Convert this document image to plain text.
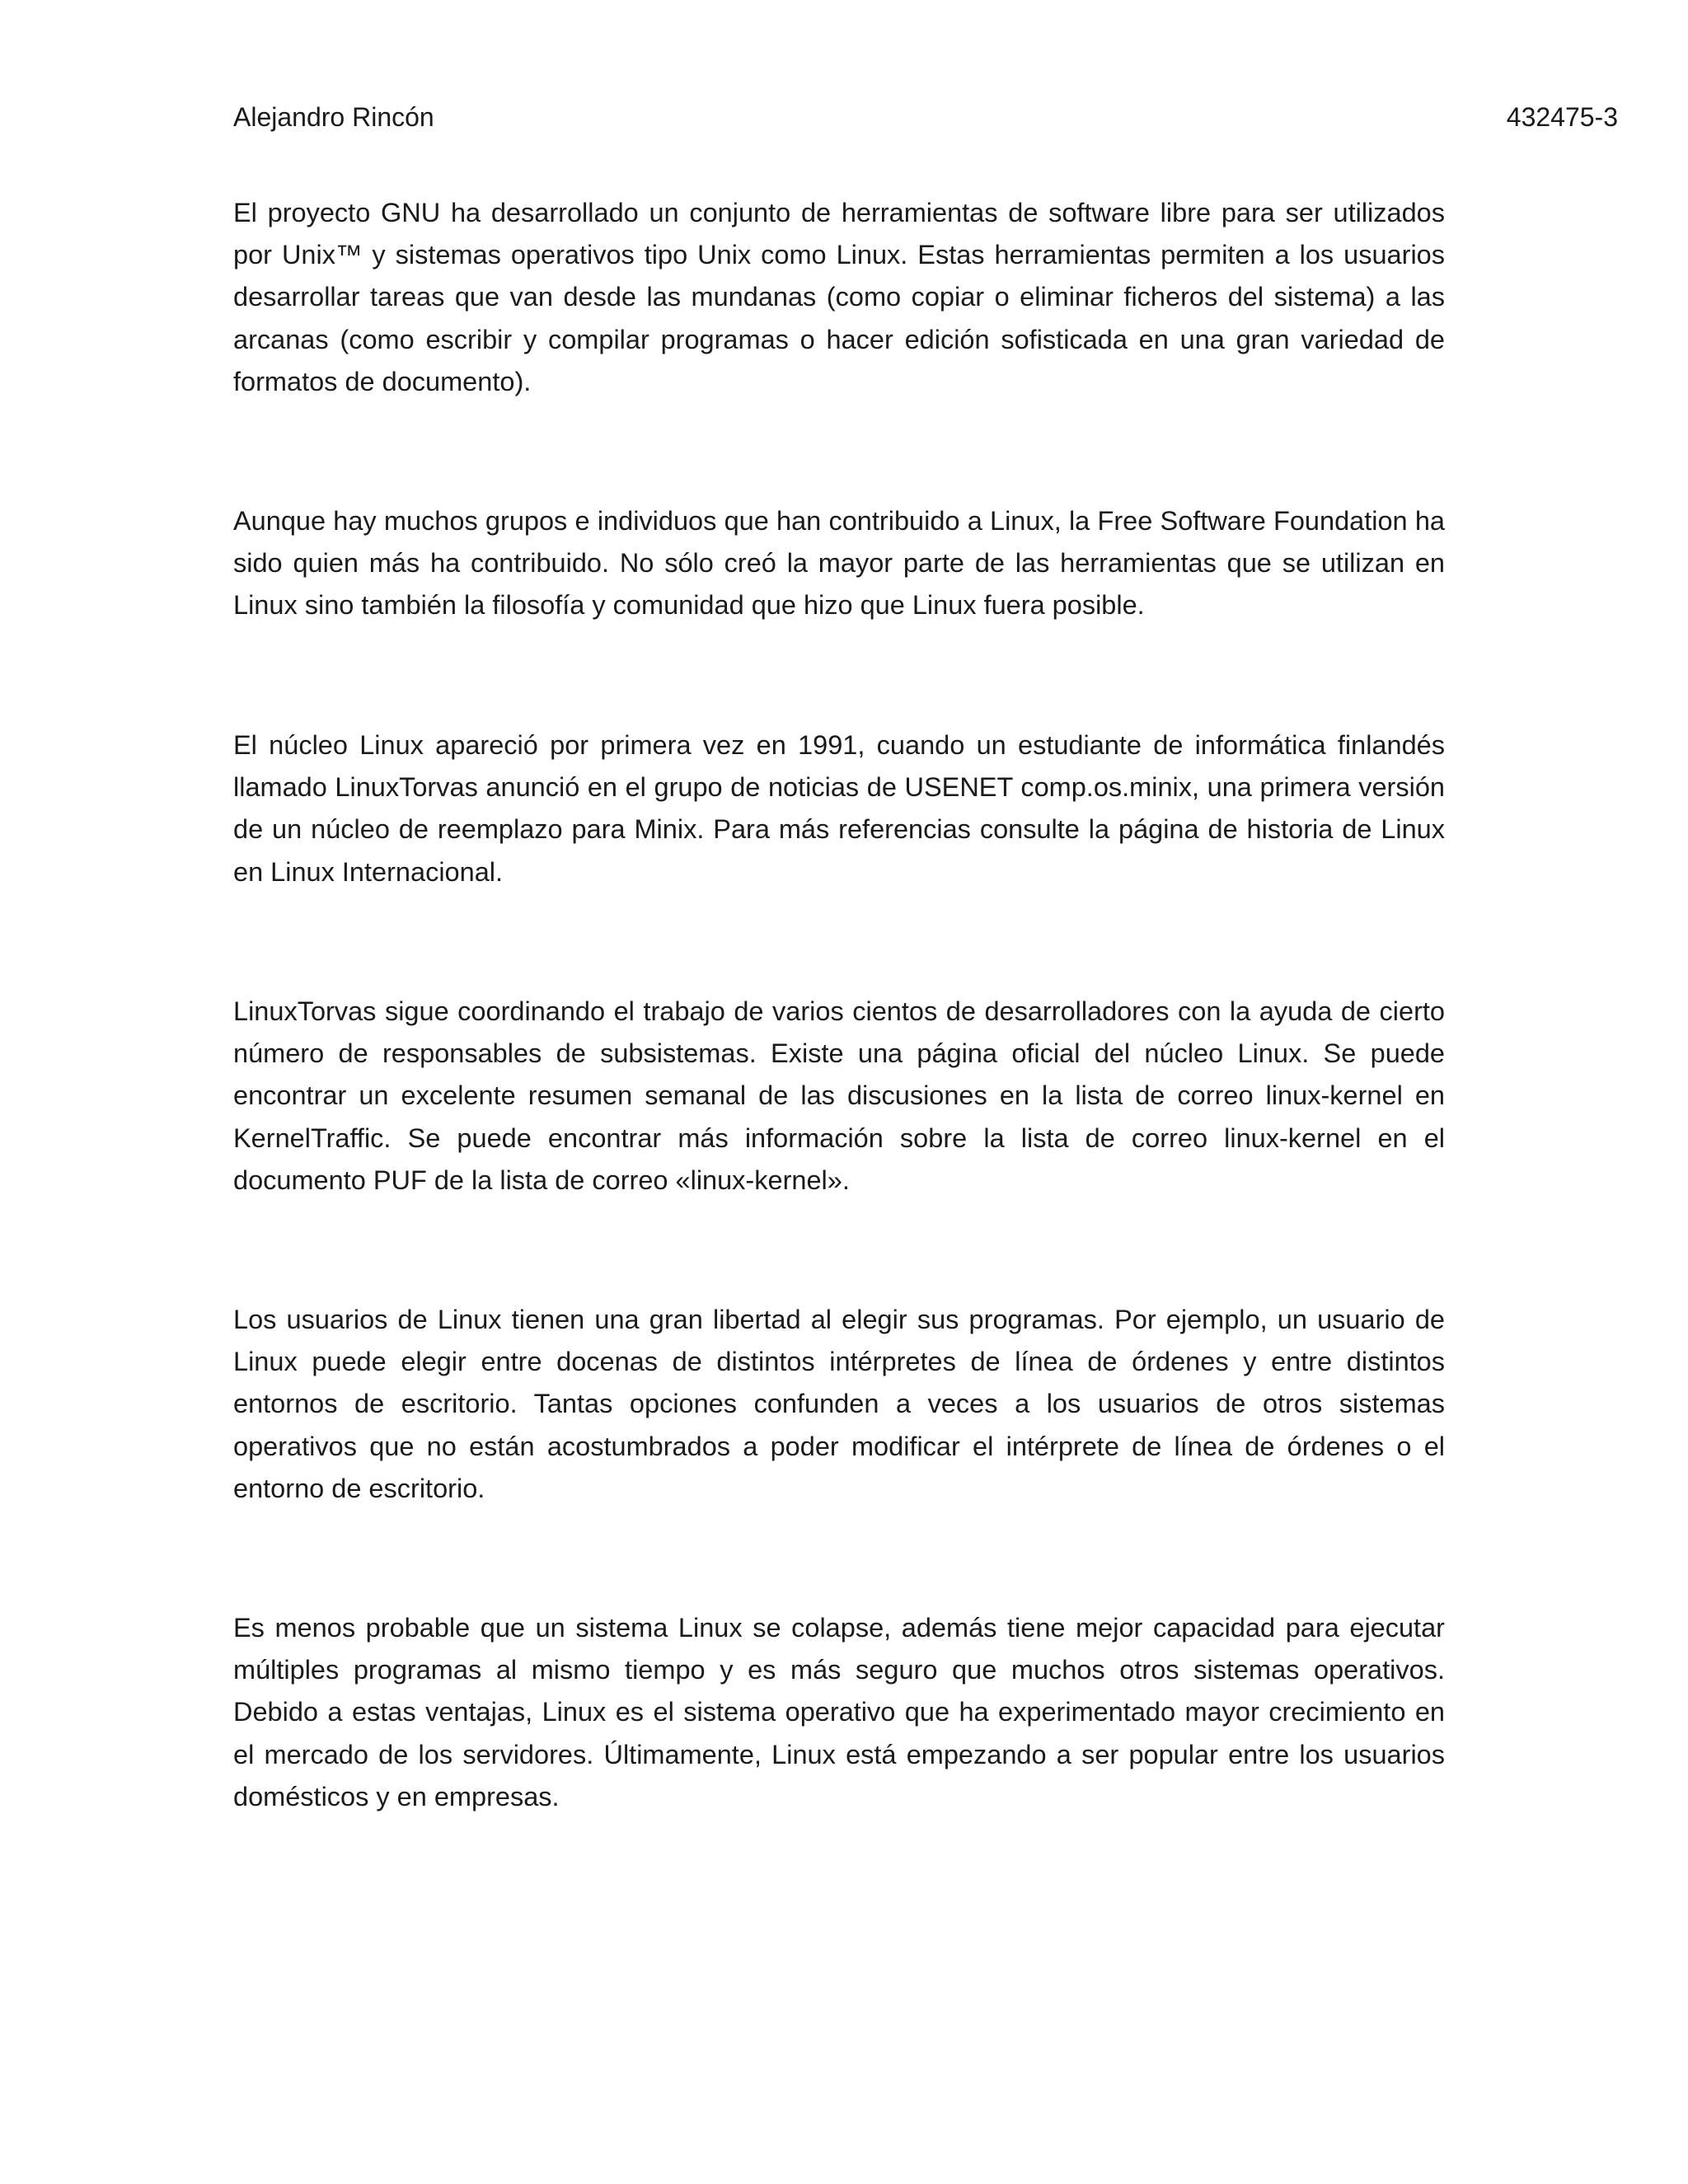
Alejandro Rincón	432475-3

El proyecto GNU ha desarrollado un conjunto de herramientas de software libre para ser utilizados por Unix™ y sistemas operativos tipo Unix como Linux. Estas herramientas permiten a los usuarios desarrollar tareas que van desde las mundanas (como copiar o eliminar ficheros del sistema) a las arcanas (como escribir y compilar programas o hacer edición sofisticada en una gran variedad de formatos de documento).

Aunque hay muchos grupos e individuos que han contribuido a Linux, la Free Software Foundation ha sido quien más ha contribuido. No sólo creó la mayor parte de las herramientas que se utilizan en Linux sino también la filosofía y comunidad que hizo que Linux fuera posible.

El núcleo Linux apareció por primera vez en 1991, cuando un estudiante de informática finlandés llamado LinuxTorvas anunció en el grupo de noticias de USENET comp.os.minix, una primera versión de un núcleo de reemplazo para Minix. Para más referencias consulte la página de historia de Linux en Linux Internacional.

LinuxTorvas sigue coordinando el trabajo de varios cientos de desarrolladores con la ayuda de cierto número de responsables de subsistemas. Existe una página oficial del núcleo Linux. Se puede encontrar un excelente resumen semanal de las discusiones en la lista de correo linux-kernel en KernelTraffic. Se puede encontrar más información sobre la lista de correo linux-kernel en el documento PUF de la lista de correo «linux-kernel».

Los usuarios de Linux tienen una gran libertad al elegir sus programas. Por ejemplo, un usuario de Linux puede elegir entre docenas de distintos intérpretes de línea de órdenes y entre distintos entornos de escritorio. Tantas opciones confunden a veces a los usuarios de otros sistemas operativos que no están acostumbrados a poder modificar el intérprete de línea de órdenes o el entorno de escritorio.

Es menos probable que un sistema Linux se colapse, además tiene mejor capacidad para ejecutar múltiples programas al mismo tiempo y es más seguro que muchos otros sistemas operativos. Debido a estas ventajas, Linux es el sistema operativo que ha experimentado mayor crecimiento en el mercado de los servidores. Últimamente, Linux está empezando a ser popular entre los usuarios domésticos y en empresas.
